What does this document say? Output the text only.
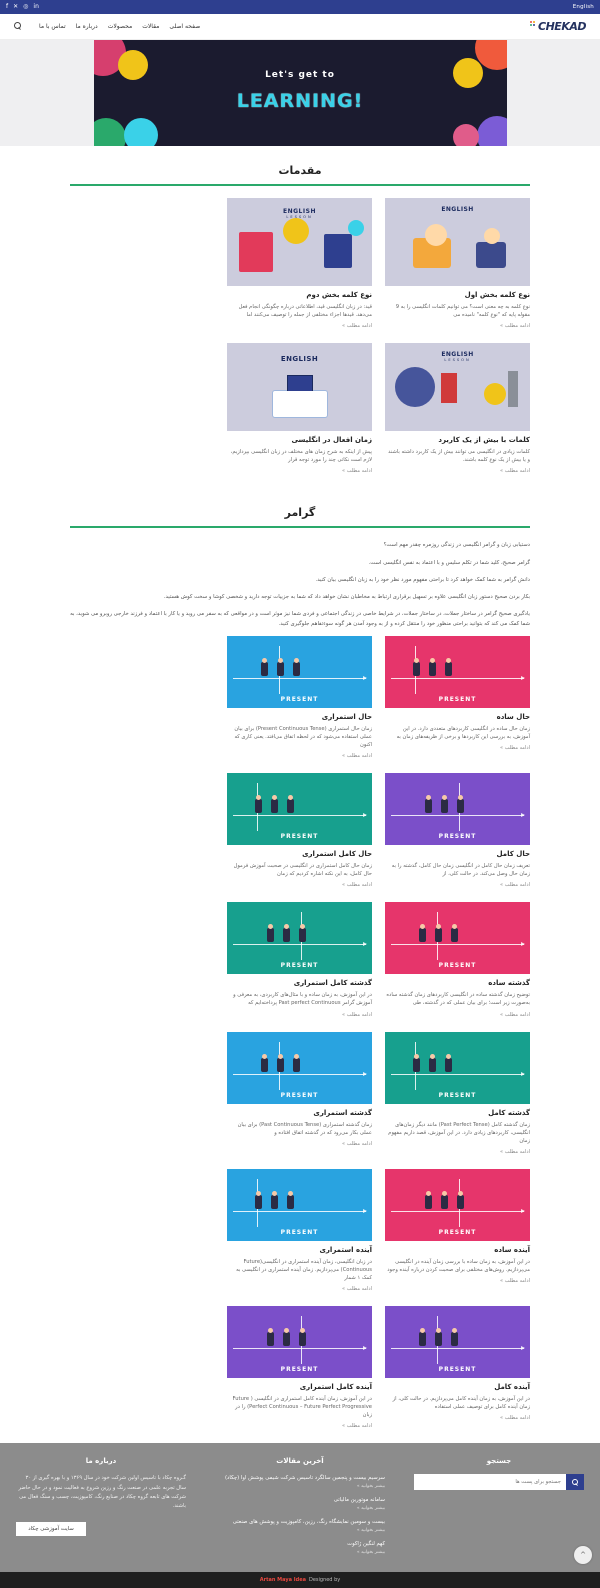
English
in
◎
✕
f
CHEKAD
صفحه اصلی
مقالات
محصولات
درباره ما
تماس با ما
Let's get to
LEARNING!
مقدمات
ENGLISH
نوع کلمه بخش اول
نوع کلمه به چه معنی است؟ می توانیم کلمات انگلیسی را به 9 مقوله پایه که "نوع کلمه" نامیده می
ادامه مطلب »
ENGLISH
LESSON
نوع کلمه بخش دوم
قید: در زبان انگلیسی قید، اطلاعاتی درباره چگونگی انجام فعل می‌دهد. قیدها اجزاء مختلفی از جمله را توصیف می‌کنند اما
ادامه مطلب »
ENGLISH
LESSON
کلمات با بیش از یک کاربرد
کلمات زیادی در انگلیسی می توانند بیش از یک کاربرد داشته باشند و یا بیش از یک نوع کلمه باشند.
ادامه مطلب »
ENGLISH
زمان افعال در انگلیسی
پیش از اینکه به شرح زمان های مختلف در زبان انگلیسی بپردازیم، لازم است نکاتی چند را مورد توجه قرار
ادامه مطلب »
گرامر

دستیابی زبان و گرامر انگلیسی در زندگی روزمره چقدر مهم است؟

گرامر صحیح، کلید شما در تکلم سلیس و با اعتماد به نفس انگلیسی است.

دانش گرامر به شما کمک خواهد کرد تا براحتی مفهوم مورد نظر خود را به زبان انگلیسی بیان کنید.

بکار بردن صحیح دستور زبان انگلیسی علاوه بر تسهیل برقراری ارتباط به مخاطبان نشان خواهد داد که شما به جزییات توجه دارید و شخصی کوشا و سخت کوش هستید.

یادگیری صحیح گرامر در ساختار جملات، در ساختار جملات، در شرایط خاصی در زندگی اجتماعی و فردی شما نیز موثر است و در مواقعی که به سفر می روید و یا کار با اعتماد و فرزند خارجی روبرو می شوید، به شما کمک می کند که بتوانید براحتی منظور خود را منتقل کرده و از به وجود آمدن هر گونه سوءتفاهم جلوگیری کنید.

PRESENT
حال ساده
زمان حال ساده در انگلیسی کاربردهای متعددی دارد. در این آموزش، به بررسی این کاربردها و برخی از ظریفه‌های زمان به
ادامه مطلب »
PRESENT
حال استمراری
زمان حال استمراری (Present Continuous Tense) برای بیان عملی استفاده می‌شود که در لحظه اتفاق می‌افتد. یعنی کاری که اکنون
ادامه مطلب »
PRESENT
حال کامل
تعریف زمان حال کامل در انگلیسی زمان حال کامل، گذشته را به زمان حال وصل می‌کند. در حالت کلی، از
ادامه مطلب »
PRESENT
حال کامل استمراری
زمان حال کامل استمراری در انگلیسی در صحبت آموزش فرمول حال کامل، به این نکته اشاره کردیم که زمان
ادامه مطلب »
PRESENT
گذشته ساده
توضیح زمان گذشته ساده در انگلیسی کاربردهای زمان گذشته ساده به‌صورت زیر است؛ برای بیان عملی که در گذشته، طی
ادامه مطلب »
PRESENT
گذشته کامل استمراری
در این آموزش، به زمان ساده و با مثال‌های کاربردی، به معرفی و آموزش گرامر Past perfect Continuous پرداخته‌ایم که
ادامه مطلب »
PRESENT
گذشته کامل
زمان گذشته کامل (Past Perfect Tense) مانند دیگر زمان‌های انگلیسی، کاربردهای زیادی دارد. در این آموزش، قصد داریم مفهوم زمان
ادامه مطلب »
PRESENT
گذشته استمراری
زمان گذشته استمراری (Past Continuous Tense) برای بیان عملی بکار می‌رود که در گذشته اتفاق افتاده و
ادامه مطلب »
PRESENT
آینده ساده
در این آموزش، به زمان ساده با بررسی زمان آینده در انگلیسی می‌پردازیم. روش‌های مختلفی برای صحبت کردن درباره آینده وجود
ادامه مطلب »
PRESENT
آینده استمراری
در زبان انگلیسی، زمان آینده استمراری در انگلیسی(Future Continuous) می‌پردازیم. زمان آینده استمراری در انگلیسی به کمک ۱ شمار
ادامه مطلب »
PRESENT
آینده کامل
در این آموزش، به زمان آینده کامل می‌پردازیم. در حالت کلی، از زمان آینده کامل برای توصیف عملی استفاده
ادامه مطلب »
PRESENT
آینده کامل استمراری
در این آموزش، زمان آینده کامل استمراری در انگلیسی ( Future Perfect Continuous – Future Perfect Progressive) را در زبان
ادامه مطلب »
جستجو
جستجو برای پست ها
آخرین مقالات
سرسیم بیست و پنجمین سالگرد تاسیس شرکت شیمی پوشش اوا (چکاد)
بیشتر بخوانید »
سامانه موتورین مالیاتی
بیشتر بخوانید »
بیست و سومین نمایشگاه رنگ، رزین، کامپوزیت و پوشش های صنعتی
بیشتر بخوانید »
کهم لنگین ژاکوت
بیشتر بخوانید »
درباره ما

گـروه چکاد با تاسیس اولین شرکت خود در سال ۱۳۶۹ و با بهره گیری از ۳۰ سال تجربه علمی در صنعت رنگ و رزین شروع به فعالیت نمود و در حال حاضر شرکت های تابعه گروه چکاد در صنایع رنگ، کامپوزیت، چسب و سنگ فعال می باشند.

سایت آموزشی چکاد
^
Designed by
Artan Maya Idea
